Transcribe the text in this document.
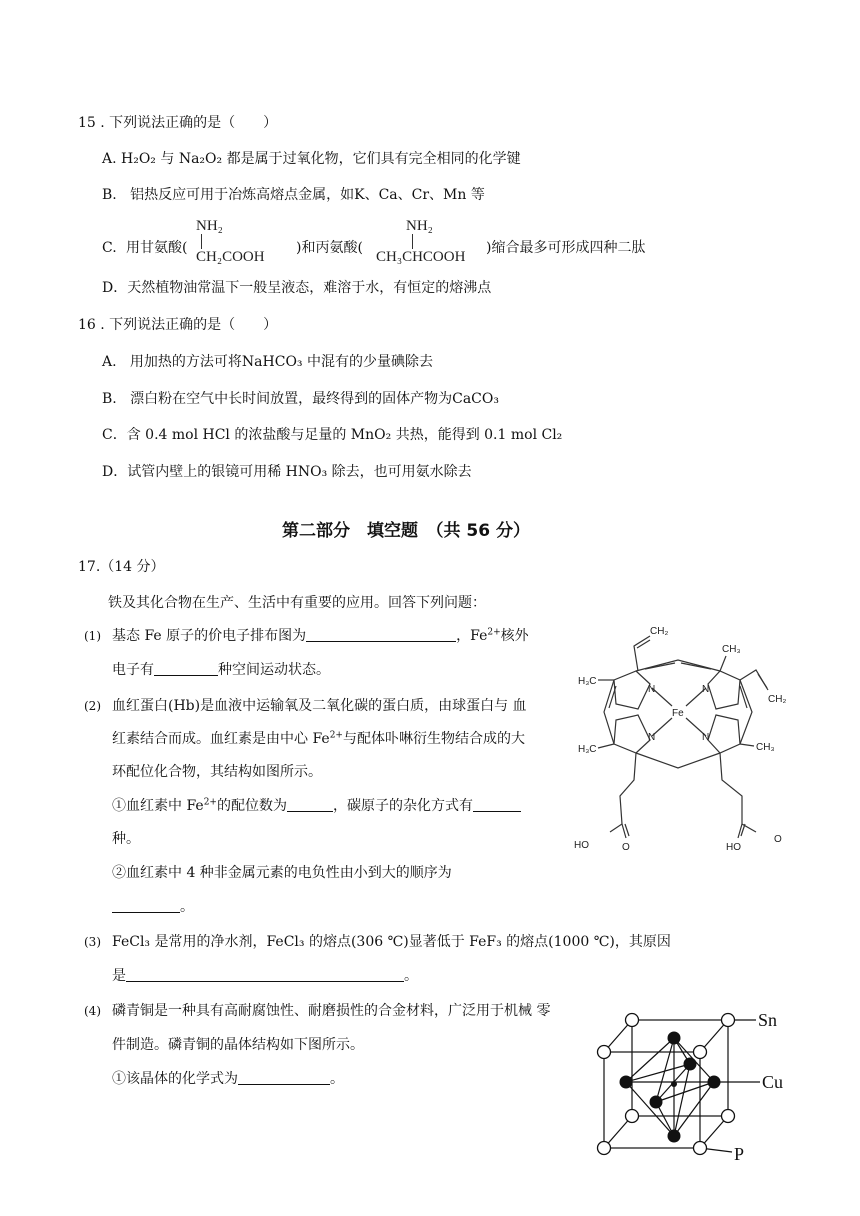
15 . 下列说法正确的是（　　）
A. H₂O₂ 与 Na₂O₂ 都是属于过氧化物，它们具有完全相同的化学键
B. 铝热反应可用于冶炼高熔点金属，如K、Ca、Cr、Mn 等
C. 用甘氨酸(
NH₂
CH₂COOH
)和丙氨酸(
NH₂
CH₃CHCOOH
)缩合最多可形成四种二肽
D．天然植物油常温下一般呈液态，难溶于水，有恒定的熔沸点
16 . 下列说法正确的是（　　）
A. 用加热的方法可将NaHCO₃ 中混有的少量碘除去
B. 漂白粉在空气中长时间放置，最终得到的固体产物为CaCO₃
C．含 0.4 mol HCl 的浓盐酸与足量的 MnO₂ 共热，能得到 0.1 mol Cl₂
D．试管内壁上的银镜可用稀 HNO₃ 除去，也可用氨水除去
第二部分　填空题　（共 56 分）
17.（14 分）
铁及其化合物在生产、生活中有重要的应用。回答下列问题：
(1) 基态 Fe 原子的价电子排布图为	，$Fe^{2+}$核外
电子有	种空间运动状态。
(2) 血红蛋白(Hb)是血液中运输氧及二氧化碳的蛋白质，由球蛋白与 血
红素结合而成。血红素是由中心 $Fe^{2+}$与配体卟啉衍生物结合成的大
环配位化合物，其结构如图所示。
①血红素中 $Fe^{2+}$的配位数为	，碳原子的杂化方式有
种。
②血红素中 4 种非金属元素的电负性由小到大的顺序为
。
(3) FeCl₃ 是常用的净水剂，FeCl₃ 的熔点(306 ℃)显著低于 FeF₃ 的熔点(1000 ℃)，其原因
是	。
(4) 磷青铜是一种具有高耐腐蚀性、耐磨损性的合金材料，广泛用于机械 零
件制造。磷青铜的晶体结构如下图所示。
①该晶体的化学式为	。
CH₂
CH₃
CH₂
H₃C
H₃C	CH₃
Fe
N	N
N	N
HO	O	HO
O
Sn
Cu
P
